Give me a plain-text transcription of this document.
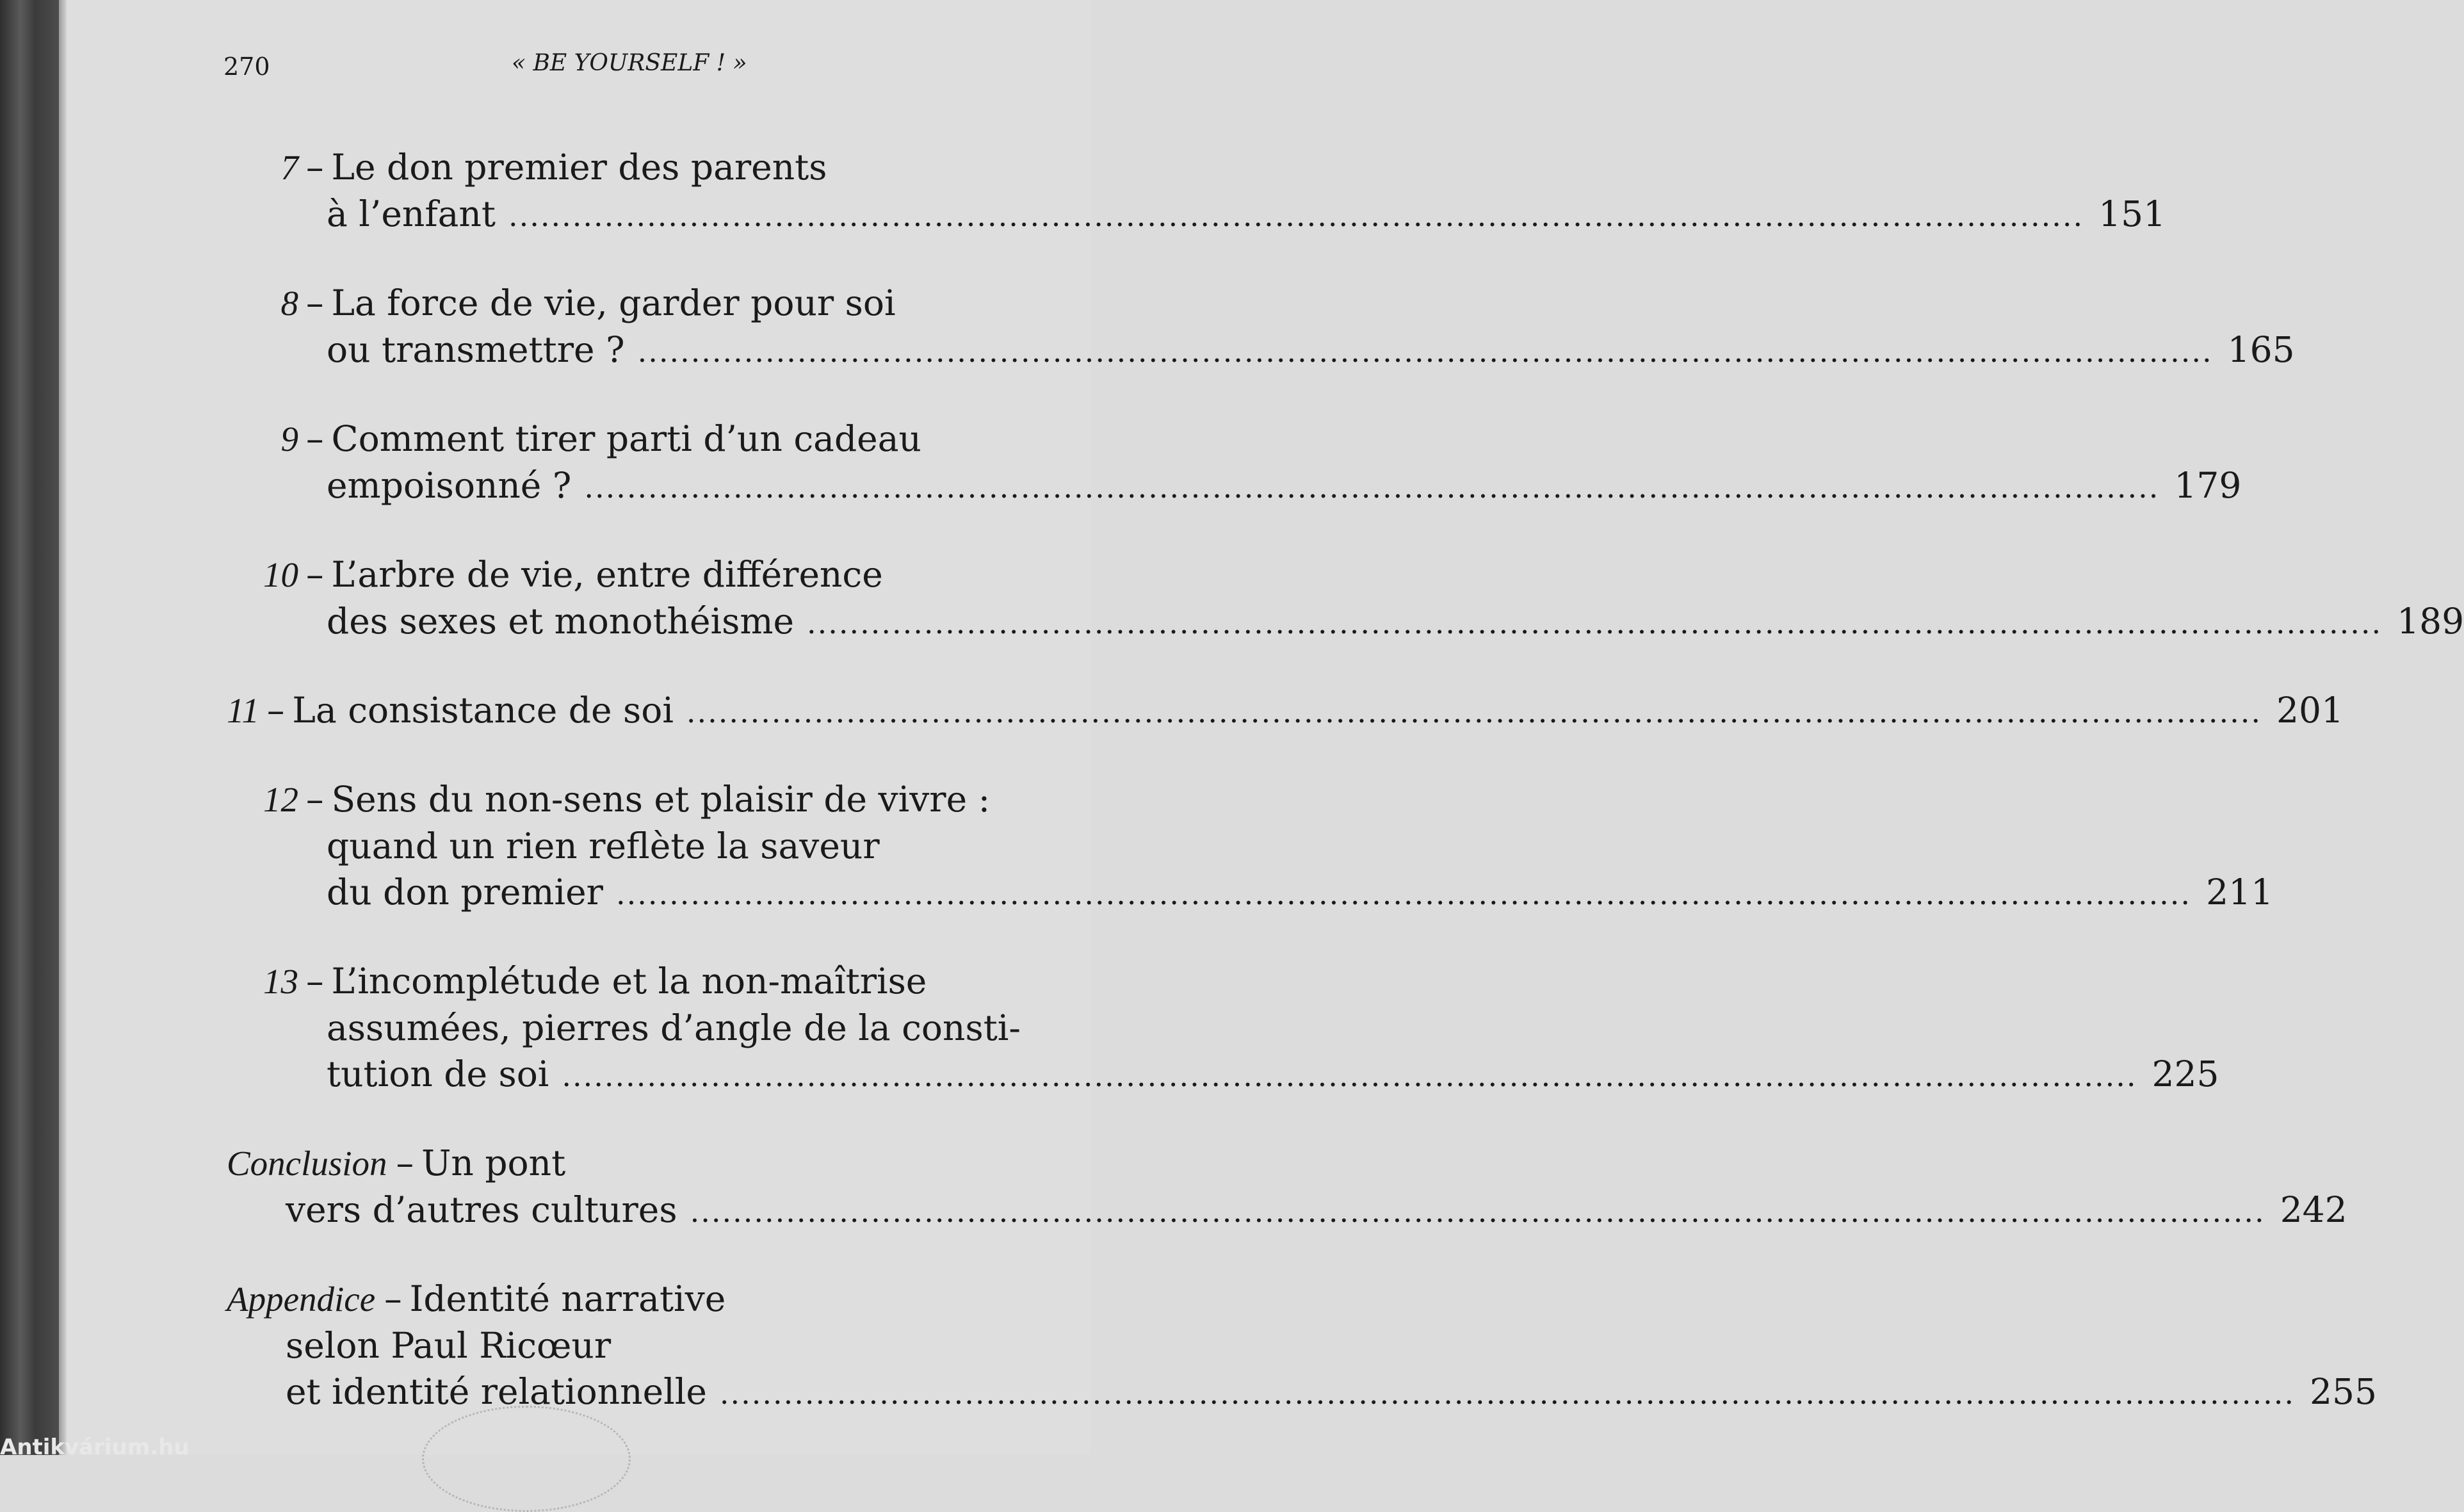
270	« BE YOURSELF ! »
7 – Le don premier des parents
à l’enfant .....	151
8 – La force de vie, garder pour soi
ou transmettre ? .....	165
9 – Comment tirer parti d’un cadeau
empoisonné ? .....	179
10 – L’arbre de vie, entre différence
des sexes et monothéisme .....	189
11 – La consistance de soi .....	201
12 – Sens du non-sens et plaisir de vivre :
quand un rien reflète la saveur
du don premier .....	211
13 – L’incomplétude et la non-maîtrise
assumées, pierres d’angle de la consti-
tution de soi .....	225
Conclusion – Un pont
vers d’autres cultures .....	242
Appendice – Identité narrative
selon Paul Ricœur
et identité relationnelle .....	255
Antikvárium.hu
